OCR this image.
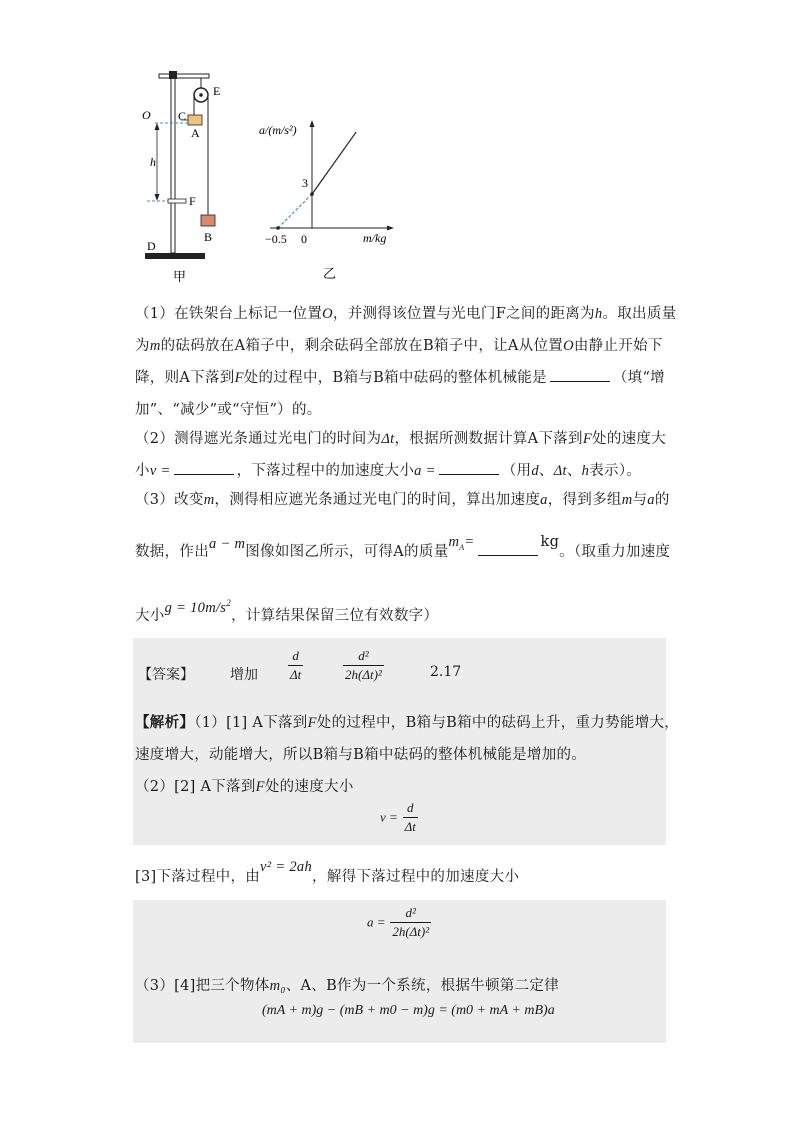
E
O C
A
h
F
B
D
甲
a/(m/s²)
m/kg
3
−0.5 0
乙
（1）在铁架台上标记一位置O，并测得该位置与光电门F之间的距离为h。取出质量
为m的砝码放在A箱子中，剩余砝码全部放在B箱子中，让A从位置O由静止开始下
降，则A下落到F处的过程中，B箱与B箱中砝码的整体机械能是	（填“增
加”、“减少”或“守恒”）的。
（2）测得遮光条通过光电门的时间为Δt，根据所测数据计算A下落到F处的速度大
小v =	，下落过程中的加速度大小a =	（用d、Δt、h表示）。
（3）改变m，测得相应遮光条通过光电门的时间，算出加速度a，得到多组m与a的
数据，作出a − m图像如图乙所示，可得A的质量$m_A=$	kg。（取重力加速度
大小$g = 10m/s^2$，计算结果保留三位有效数字）
【答案】	增加 $\frac{d}{\Delta t}$	$\frac{\text{d²}}{\text{2h(Δt)²}}$	2.17
【解析】（1）[1] A下落到F处的过程中，B箱与B箱中的砝码上升，重力势能增大，
速度增大，动能增大，所以B箱与B箱中砝码的整体机械能是增加的。
（2）[2] A下落到F处的速度大小
$v = \frac{d}{\Delta t}$
[3]下落过程中，由v² = 2ah，解得下落过程中的加速度大小
$a = \frac{\text{d²}}{\text{2h(Δt)²}}$
（3）[4]把三个物体m₀、A、B作为一个系统，根据牛顿第二定律
(mA + m)g − (mB + m0 − m)g = (m0 + mA + mB)a
